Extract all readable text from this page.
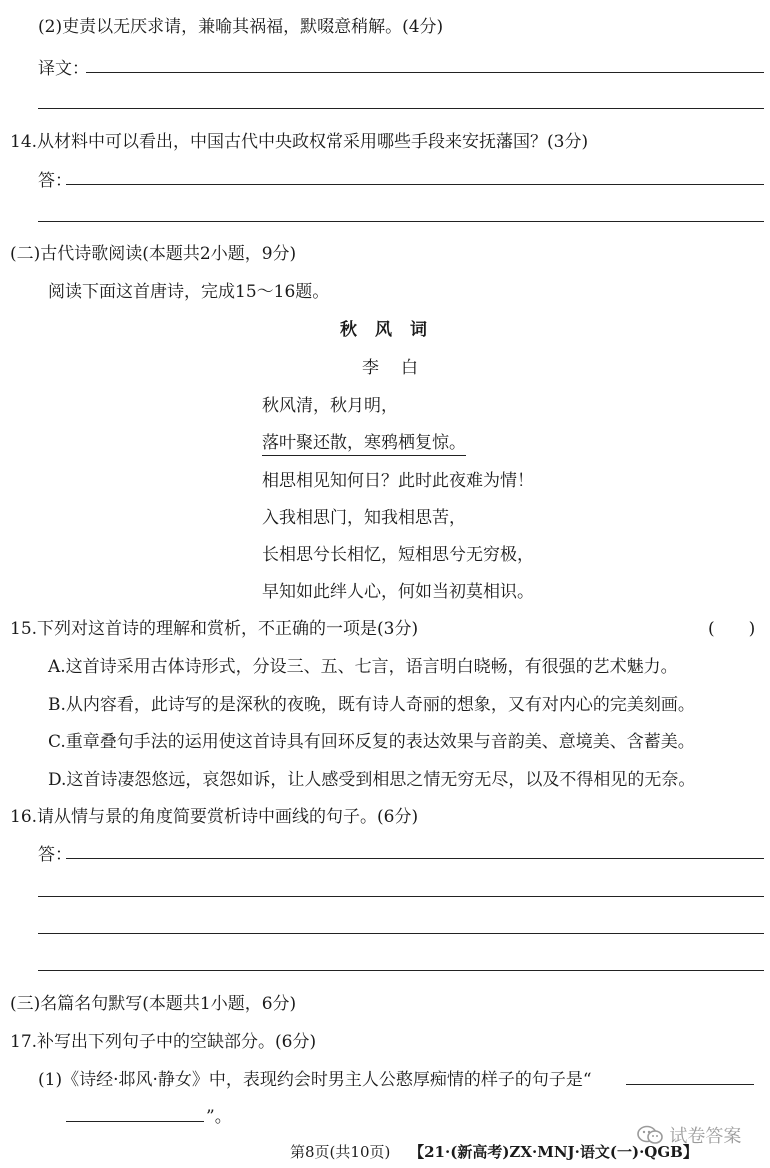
(2)吏责以无厌求请，兼喻其祸福，默啜意稍解。(4分)
译文：
14.从材料中可以看出，中国古代中央政权常采用哪些手段来安抚藩国？(3分)
答：
(二)古代诗歌阅读(本题共2小题，9分)
阅读下面这首唐诗，完成15～16题。
秋风词
李白
秋风清，秋月明，
落叶聚还散，寒鸦栖复惊。
相思相见知何日？此时此夜难为情！
入我相思门，知我相思苦，
长相思兮长相忆，短相思兮无穷极，
早知如此绊人心，何如当初莫相识。
15.下列对这首诗的理解和赏析，不正确的一项是(3分)	(　　)
A.这首诗采用古体诗形式，分设三、五、七言，语言明白晓畅，有很强的艺术魅力。
B.从内容看，此诗写的是深秋的夜晚，既有诗人奇丽的想象，又有对内心的完美刻画。
C.重章叠句手法的运用使这首诗具有回环反复的表达效果与音韵美、意境美、含蓄美。
D.这首诗凄怨悠远，哀怨如诉，让人感受到相思之情无穷无尽，以及不得相见的无奈。
16.请从情与景的角度简要赏析诗中画线的句子。(6分)
答：
(三)名篇名句默写(本题共1小题，6分)
17.补写出下列句子中的空缺部分。(6分)
(1)《诗经·邶风·静女》中，表现约会时男主人公憨厚痴情的样子的句子是“
”。
第8页(共10页) 【21·(新高考)ZX·MNJ·语文(一)·QGB】
试卷答案
